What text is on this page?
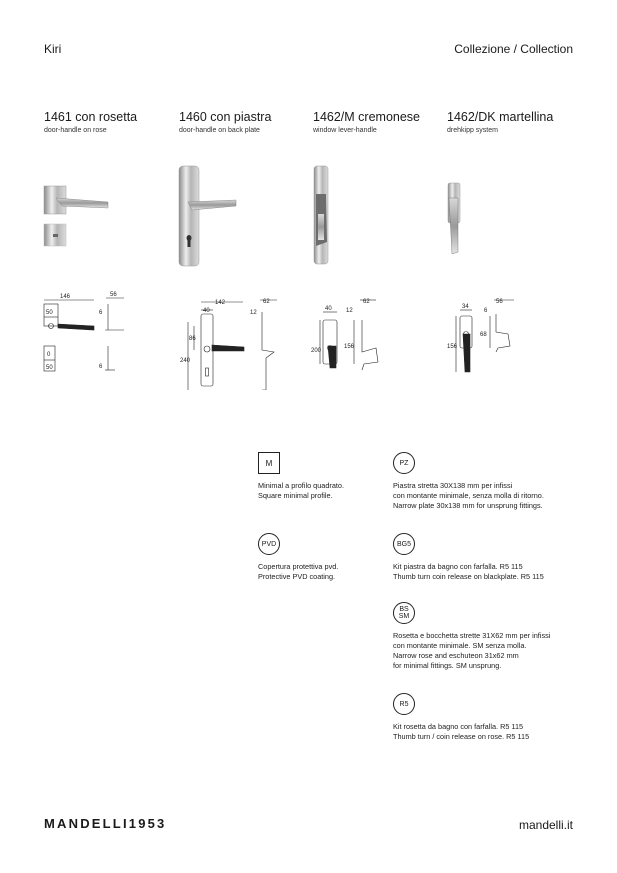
Kiri	Collezione / Collection
1461 con rosetta
door-handle on rose
1460 con piastra
door-handle on back plate
1462/M cremonese
window lever-handle
1462/DK martellina
drehkipp system
146	56
50	6
0
50	6
142	62
40	12
86
240
62
40 12
200
156
56
34
6
68
156
M
Minimal a profilo quadrato.
Square minimal profile.
PZ
Piastra stretta 30X138 mm per infissi
con montante minimale, senza molla di ritorno.
Narrow plate 30x138 mm for unsprung fittings.
PVD
Copertura protettiva pvd.
Protective PVD coating.
BG5
Kit piastra da bagno con farfalla. R5 115
Thumb turn coin release on blackplate. R5 115
BS
SM
Rosetta e bocchetta strette 31X62 mm per infissi
con montante minimale. SM senza molla.
Narrow rose and eschuteon 31x62 mm
for minimal fittings. SM unsprung.
R5
Kit rosetta da bagno con farfalla. R5 115
Thumb turn / coin release on rose. R5 115
MANDELLI1953	mandelli.it
